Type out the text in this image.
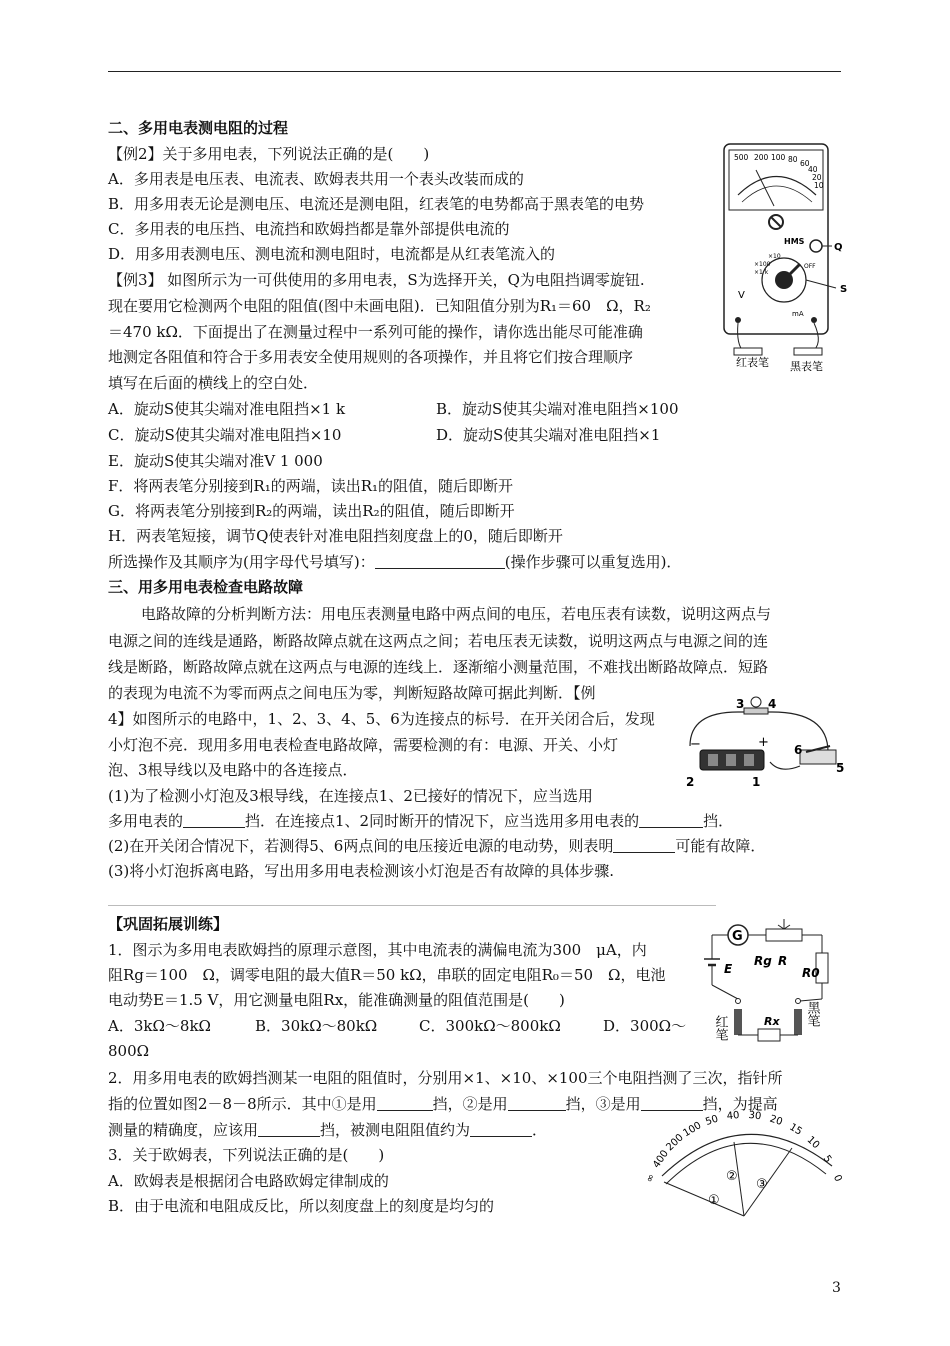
二、多用电表测电阻的过程
【例2】关于多用电表，下列说法正确的是(　　)
A．多用表是电压表、电流表、欧姆表共用一个表头改装而成的
B．用多用表无论是测电压、电流还是测电阻，红表笔的电势都高于黑表笔的电势
C．多用表的电压挡、电流挡和欧姆挡都是靠外部提供电流的
D．用多用表测电压、测电流和测电阻时，电流都是从红表笔流入的
【例3】 如图所示为一可供使用的多用电表，S为选择开关，Q为电阻挡调零旋钮.
现在要用它检测两个电阻的阻值(图中未画电阻)．已知阻值分别为R₁＝60　Ω，R₂
＝470 kΩ．下面提出了在测量过程中一系列可能的操作，请你选出能尽可能准确
地测定各阻值和符合于多用表安全使用规则的各项操作，并且将它们按合理顺序
填写在后面的横线上的空白处．
A．旋动S使其尖端对准电阻挡×1 k	B．旋动S使其尖端对准电阻挡×100
C．旋动S使其尖端对准电阻挡×10	D．旋动S使其尖端对准电阻挡×1
E．旋动S使其尖端对准V 1 000
F．将两表笔分别接到R₁的两端，读出R₁的阻值，随后即断开
G．将两表笔分别接到R₂的两端，读出R₂的阻值，随后即断开
H．两表笔短接，调节Q使表针对准电阻挡刻度盘上的0，随后即断开
所选操作及其顺序为(用字母代号填写)：	(操作步骤可以重复选用)．
三、用多用电表检查电路故障
电路故障的分析判断方法：用电压表测量电路中两点间的电压，若电压表有读数，说明这两点与
电源之间的连线是通路，断路故障点就在这两点之间；若电压表无读数，说明这两点与电源之间的连
线是断路，断路故障点就在这两点与电源的连线上．逐渐缩小测量范围，不难找出断路故障点．短路
的表现为电流不为零而两点之间电压为零，判断短路故障可据此判断．【例
4】如图所示的电路中，1、2、3、4、5、6为连接点的标号．在开关闭合后，发现
小灯泡不亮．现用多用电表检查电路故障，需要检测的有：电源、开关、小灯
泡、3根导线以及电路中的各连接点．
(1)为了检测小灯泡及3根导线，在连接点1、2已接好的情况下，应当选用
多用电表的	挡．在连接点1、2同时断开的情况下，应当选用多用电表的	挡．
(2)在开关闭合情况下，若测得5、6两点间的电压接近电源的电动势，则表明	可能有故障．
(3)将小灯泡拆离电路，写出用多用电表检测该小灯泡是否有故障的具体步骤.
【巩固拓展训练】
1．图示为多用电表欧姆挡的原理示意图，其中电流表的满偏电流为300　μA，内
阻Rg＝100　Ω，调零电阻的最大值R＝50 kΩ，串联的固定电阻R₀＝50　Ω，电池
电动势E＝1.5 V，用它测量电阻Rx，能准确测量的阻值范围是(　　)
A．3kΩ～8kΩ	B．30kΩ～80kΩ	C．300kΩ～800kΩ	D．300Ω～
800Ω
2．用多用电表的欧姆挡测某一电阻的阻值时，分别用×1、×10、×100三个电阻挡测了三次，指针所
指的位置如图2－8－8所示．其中①是用	挡，②是用	挡，③是用	挡，为提高
测量的精确度，应该用	挡，被测电阻阻值约为	．
3．关于欧姆表，下列说法正确的是(　　)
A．欧姆表是根据闭合电路欧姆定律制成的
B．由于电流和电阻成反比，所以刻度盘上的刻度是均匀的
500 200 100 80 60
40
20
10
HMS
Q
×10
×100
×1 k
OFF
V
mA
S
红表笔 黑表笔
3 4
−	+
2	1
6
5
G
Rg R
R0
E
Rx
红笔
黑笔
∞
400
200
100 50 40 30 20
15
10
5
0
①
②
③
3
